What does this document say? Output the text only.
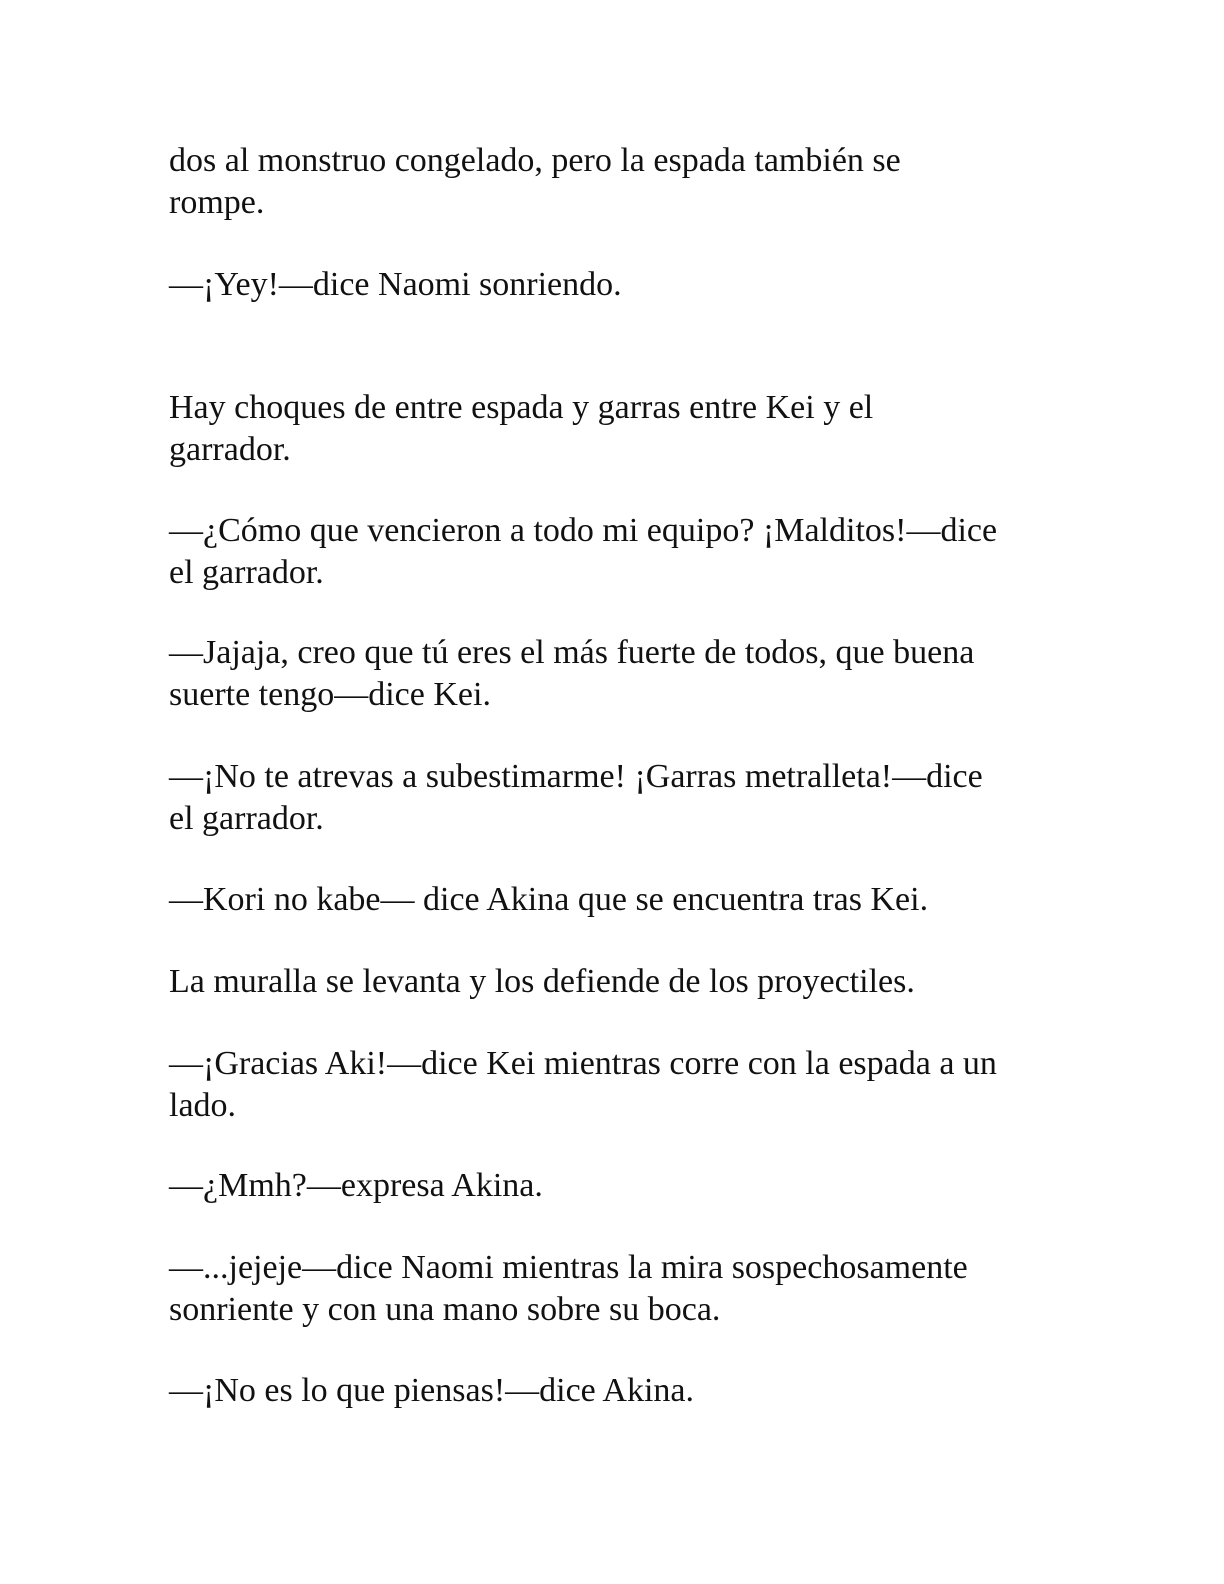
dos al monstruo congelado, pero la espada también se
rompe.

—¡Yey!—dice Naomi sonriendo.

Hay choques de entre espada y garras entre Kei y el
garrador.

—¿Cómo que vencieron a todo mi equipo? ¡Malditos!—dice
el garrador.

—Jajaja, creo que tú eres el más fuerte de todos, que buena
suerte tengo—dice Kei.

—¡No te atrevas a subestimarme! ¡Garras metralleta!—dice
el garrador.

—Kori no kabe— dice Akina que se encuentra tras Kei.

La muralla se levanta y los defiende de los proyectiles.

—¡Gracias Aki!—dice Kei mientras corre con la espada a un
lado.

—¿Mmh?—expresa Akina.

—...jejeje—dice Naomi mientras la mira sospechosamente
sonriente y con una mano sobre su boca.

—¡No es lo que piensas!—dice Akina.
